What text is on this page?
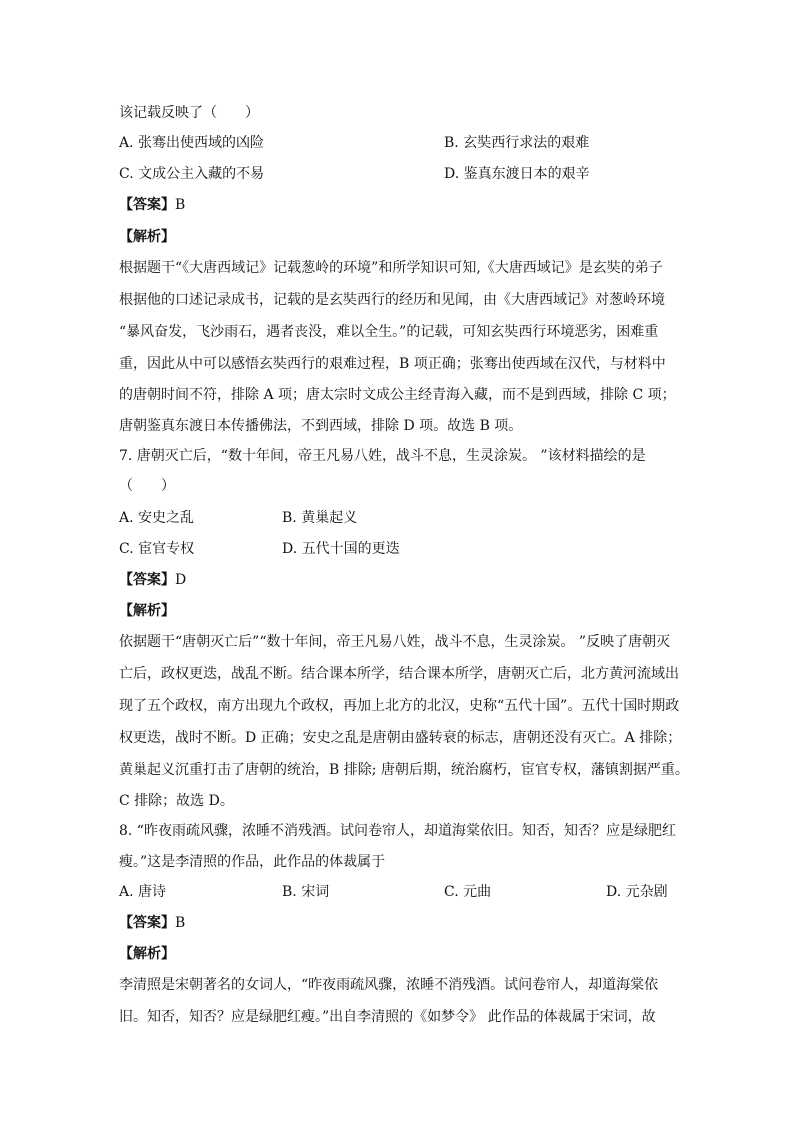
该记载反映了（　　）
A. 张骞出使西域的凶险	B. 玄奘西行求法的艰难
C. 文成公主入藏的不易	D. 鉴真东渡日本的艰辛
【答案】B
【解析】
根据题干“《大唐西域记》记载葱岭的环境”和所学知识可知,《大唐西域记》是玄奘的弟子
根据他的口述记录成书，记载的是玄奘西行的经历和见闻，由《大唐西域记》对葱岭环境
“暴风奋发，飞沙雨石，遇者丧没，难以全生。”的记载，可知玄奘西行环境恶劣，困难重
重，因此从中可以感悟玄奘西行的艰难过程，B 项正确；张骞出使西域在汉代，与材料中
的唐朝时间不符，排除 A 项；唐太宗时文成公主经青海入藏，而不是到西域，排除 C 项；
唐朝鉴真东渡日本传播佛法，不到西域，排除 D 项。故选 B 项。
7. 唐朝灭亡后，“数十年间，帝王凡易八姓，战斗不息，生灵涂炭。 ”该材料描绘的是
（　　）
A. 安史之乱	B. 黄巢起义
C. 宦官专权	D. 五代十国的更迭
【答案】D
【解析】
依据题干“唐朝灭亡后”“数十年间，帝王凡易八姓，战斗不息，生灵涂炭。 ”反映了唐朝灭
亡后，政权更迭，战乱不断。结合课本所学，结合课本所学，唐朝灭亡后，北方黄河流域出
现了五个政权，南方出现九个政权，再加上北方的北汉，史称“五代十国”。五代十国时期政
权更迭，战时不断。D 正确；安史之乱是唐朝由盛转衰的标志，唐朝还没有灭亡。A 排除；
黄巢起义沉重打击了唐朝的统治，B 排除; 唐朝后期，统治腐朽，宦官专权，藩镇割据严重。
C 排除；故选 D。
8. “昨夜雨疏风骤，浓睡不消残酒。试问卷帘人，却道海棠依旧。知否，知否？应是绿肥红
瘦。”这是李清照的作品，此作品的体裁属于
A. 唐诗	B. 宋词	C. 元曲	D. 元杂剧
【答案】B
【解析】
李清照是宋朝著名的女词人，“昨夜雨疏风骤，浓睡不消残酒。试问卷帘人，却道海棠依
旧。知否，知否？应是绿肥红瘦。”出自李清照的《如梦令》 此作品的体裁属于宋词，故
